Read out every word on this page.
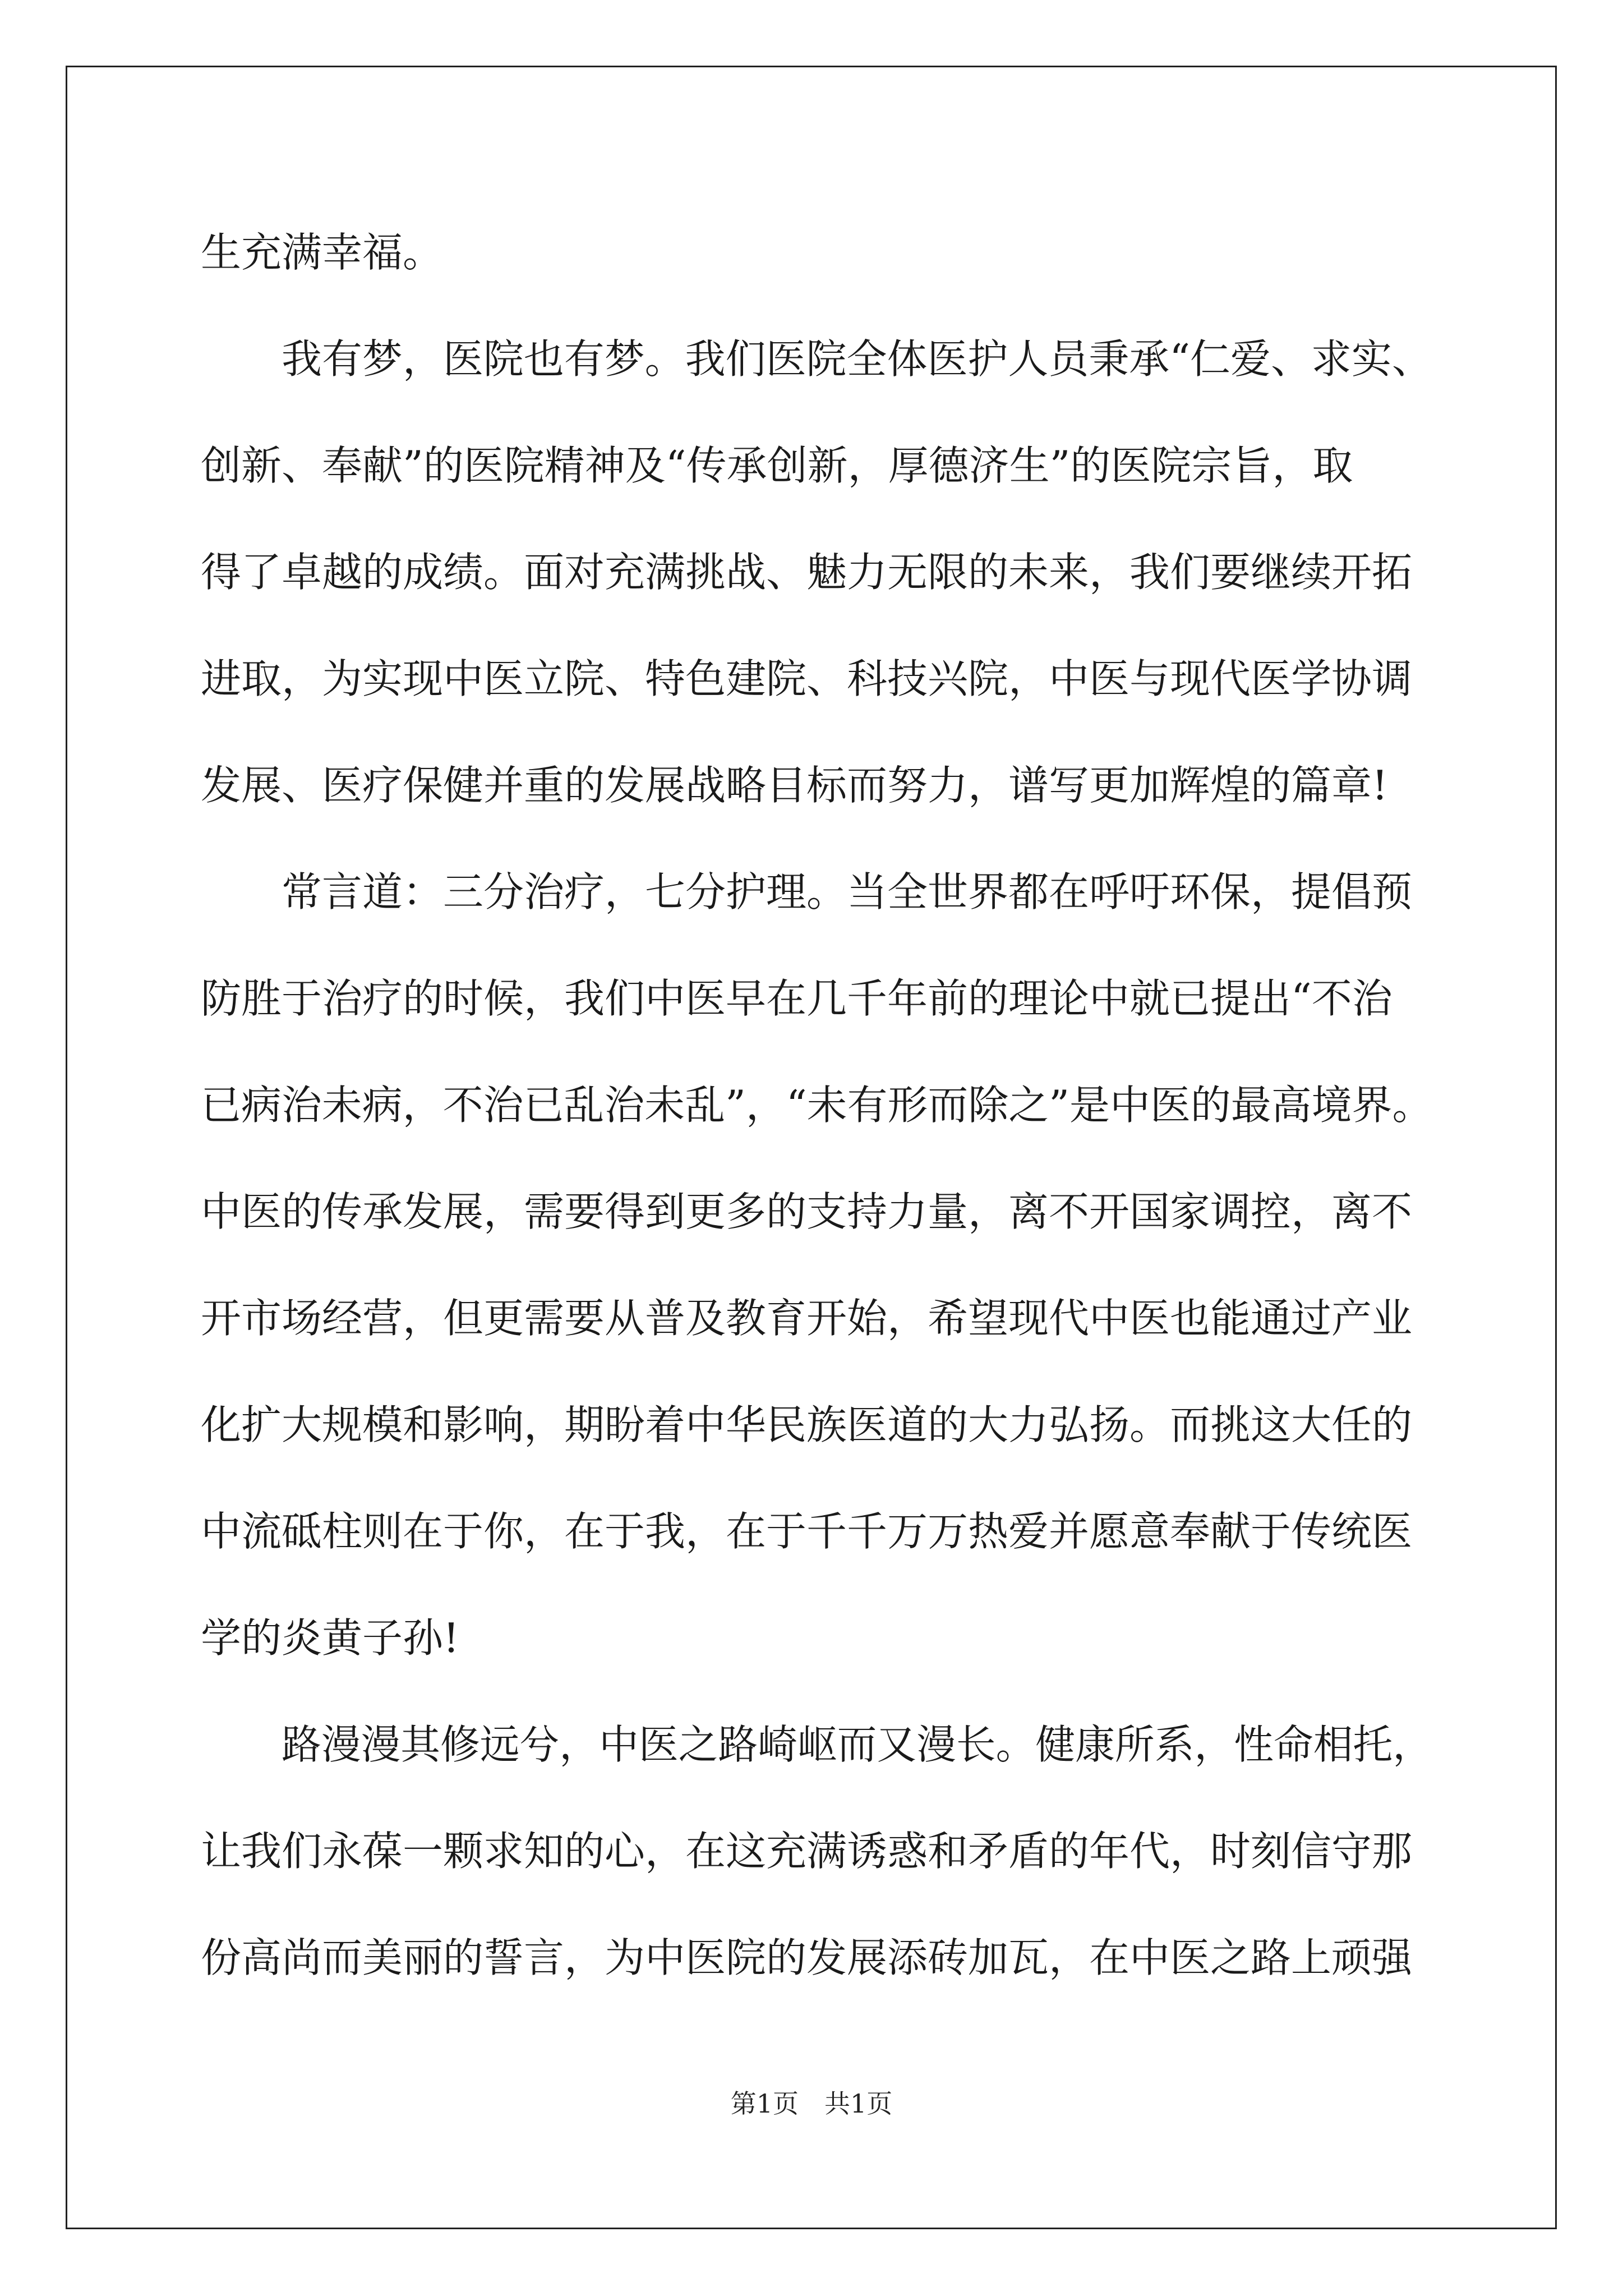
生充满幸福。
我有梦，医院也有梦。我们医院全体医护人员秉承“仁爱、求实、
创新、奉献”的医院精神及“传承创新，厚德济生”的医院宗旨，取
得了卓越的成绩。面对充满挑战、魅力无限的未来，我们要继续开拓
进取，为实现中医立院、特色建院、科技兴院，中医与现代医学协调
发展、医疗保健并重的发展战略目标而努力，谱写更加辉煌的篇章!
常言道：三分治疗，七分护理。当全世界都在呼吁环保，提倡预
防胜于治疗的时候，我们中医早在几千年前的理论中就已提出“不治
已病治未病，不治已乱治未乱”，“未有形而除之”是中医的最高境界。
中医的传承发展，需要得到更多的支持力量，离不开国家调控，离不
开市场经营，但更需要从普及教育开始，希望现代中医也能通过产业
化扩大规模和影响，期盼着中华民族医道的大力弘扬。而挑这大任的
中流砥柱则在于你，在于我，在于千千万万热爱并愿意奉献于传统医
学的炎黄子孙!
路漫漫其修远兮，中医之路崎岖而又漫长。健康所系，性命相托，
让我们永葆一颗求知的心，在这充满诱惑和矛盾的年代，时刻信守那
份高尚而美丽的誓言，为中医院的发展添砖加瓦，在中医之路上顽强
第1页　共1页
